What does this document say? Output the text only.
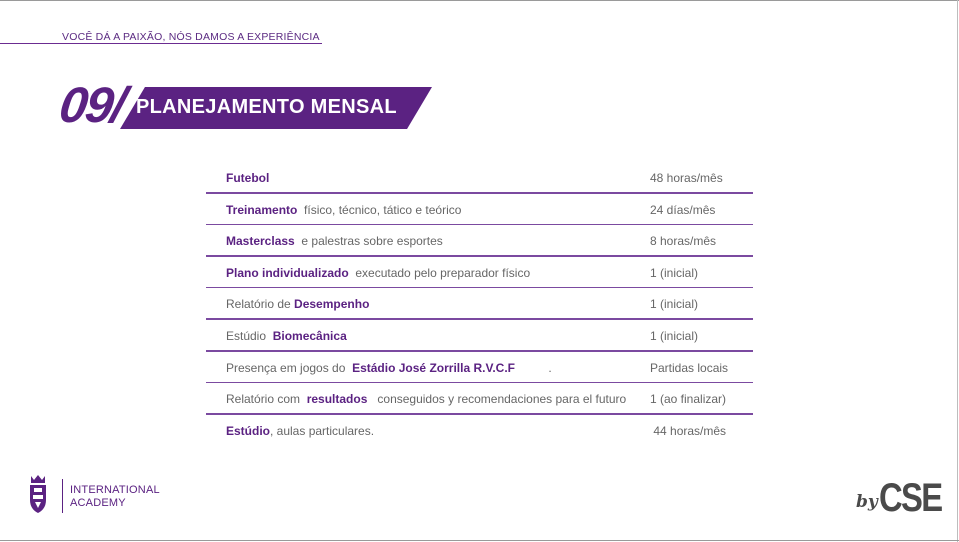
VOCÊ DÁ A PAIXÃO, NÓS DAMOS A EXPERIÊNCIA
09/ PLANEJAMENTO MENSAL
Futebol	48 horas/mês
Treinamento  físico, técnico, tático e teórico	24 días/mês
Masterclass  e palestras sobre esportes	8 horas/mês
Plano individualizado  executado pelo preparador físico	1 (inicial)
Relatório de Desempenho	1 (inicial)
Estúdio  Biomecânica	1 (inicial)
Presença em jogos do  Estádio José Zorrilla R.V.C.F          .	Partidas locais
Relatório com  resultados   conseguidos y recomendaciones para el futuro 1 (ao finalizar)
Estúdio, aulas particulares.	44 horas/mês
INTERNATIONAL
ACADEMY	by CSE
